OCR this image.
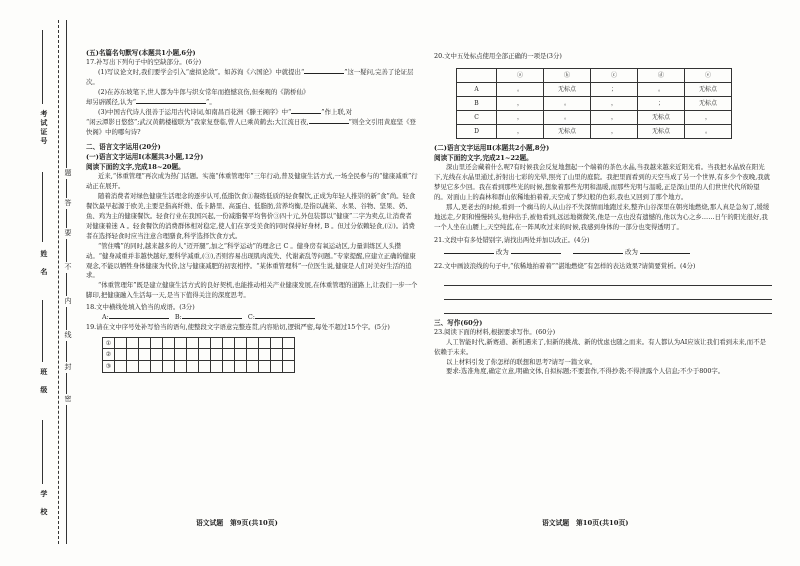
考试证号
姓　名
班　级
学　校
题
答
要
不
内
线
封
密

(五)名篇名句默写(本题共1小题,6分)

17.补写出下列句子中的空缺部分。(6分)

(1)写议论文时,我们要学会引入“虚拟论敌”。如苏洵《六国论》中就提出“	”这一疑问,完善了论证层次。

(2)在苏东坡笔下,世人都为牛郎与织女常年而抱憾哀伤,但秦观的《鹊桥仙》
却另辟蹊径,认为“	”。

(3)中国古代诗人很善于运用古代诗词,如南昌百花洲《滕王阁序》中“	”作上联,对
“闲云潭影日悠悠”;武汉黄鹤楼楹联为“我家复登临,曾人已乘黄鹤去;大江流日夜,	”则全文引用黄庭坚《登快阁》中的哪句诗?

二、语言文字运用(20分)

(一)语言文字运用Ⅰ(本题共3小题,12分)

阅读下面的文字,完成18~20题。

近来,“体重管理”再次成为热门话题。实施“体重管理年”三年行动,普及健康生活方式,一场全民参与的“健康减重”行动正在展开。

随着消费者对绿色健康生活理念的逐步认可,低脂饮食①凝练低质的轻食餐饮,正成为年轻人推崇的新“食”尚。轻食餐饮最早起源于欧美,主要是指高纤维、低卡路里、高蛋白、低脂肪,营养均衡,是指以蔬菜、水果、谷物、坚果、奶、鱼、鸡为主的健康餐饮。轻食行业在我国兴起,一份减脂餐平均售价③四十元,外包装都以“健康”二字为卖点,让消费者对健康着迷 A 。轻食餐饮的消费群体相对稳定,使人们在享受美食的同时保持好身材, B 。但过分依赖轻食,(②)。消费者在选择轻食时应当注意合理膳食,科学选择饮食方式。

“管住嘴”的同时,越来越多的人“迈开腿”,加之“科学运动”的理念已 C 。健身房有氧运动区,力量训练区人头攒动。“健身减重并非越快越好,要科学减重,(③),否则容易出现肌肉流失、代谢紊乱等问题。”专家提醒,应建立正确的健康观念,不能以牺牲身体健康为代价,这与健康减肥的初衷相悖。“某体重管理科”一位医生说,健康是人们对美好生活的追求。

“体重管理年”既是建立健康生活方式的良好契机,也能推动相关产业健康发展,在体重管理的道路上,让我们一步一个脚印,把健康融入生活每一天,是当下值得关注的深度思考。

18.文中横线处填入恰当的成语。(3分)

A:	B:	C:

19.请在文中序号处补写恰当的语句,使整段文字语意完整连贯,内容贴切,逻辑严密,每处不超过15个字。(5分)

①
②
③
语文试题　第9页(共10页)

20.文中五处标点使用全部正确的一项是(3分)

	ⓐ	ⓑ	ⓒ	ⓓ	ⓔ
A	。	无标点	；	。	无标点
B	，	。	，	；	无标点
C	，	。	，	无标点	，
D	，	无标点	，	无标点	。

(二)语言文字运用Ⅱ(本题共2小题,8分)

阅读下面的文字,完成21~22题。

深山里还会藏着什么呢?有时候我会反复地想起一个端着的茶色水晶,当我越来越来近阳光看。当我把水晶放在阳光下,光线在水晶里通过,折射出七彩的光晕,照亮了山里的庭院。我把里面看到的天空当成了另一个世界,有多少个夜晚,我就梦见它多少回。我在看到那些光的时候,想象着那些光明和温暖,而那些光明与温暖,正是深山里的人们世世代代所盼望的。对面山上的森林和群山依稀地拍着着,天空成了梦幻般的色彩,我也又回到了那个地方。

那人,更老去的时候,看到一个瘸马的人从山谷不失深情而地跑过来,整齐山谷深里在朝亮地燃烧,那人真是急匆了,缓缓地远走,夕阳和慢慢转头,他伸出手,被他看到,远远地微微笑,他是一点也没有遗憾的,他以为心之乡……日午的阳光很好,我一个人坐在山腰上,天空纯蓝,在一阵风吹过来的时候,我感到身体的一部分也变得透明了。

21.文段中有多处错别字,请找出两处并加以改正。(4分)

改为	改为

22.文中画波浪线的句子中,“依稀地拍着着”“湛地燃烧”有怎样的表达效果?请简要赏析。(4分)

三、写作(60分)

23.阅读下面的材料,根据要求写作。(60分)

人工智能时代,新赛道、新机遇来了,但新的挑战、新的忧虑也随之而来。有人都认为AI应该让我们看到未来,而不是依赖于未来。

以上材料引发了你怎样的联想和思考?请写一篇文章。

要求:选准角度,确定立意,明确文体,自拟标题;不要套作,不得抄袭;不得泄露个人信息;不少于800字。

语文试题　第10页(共10页)
